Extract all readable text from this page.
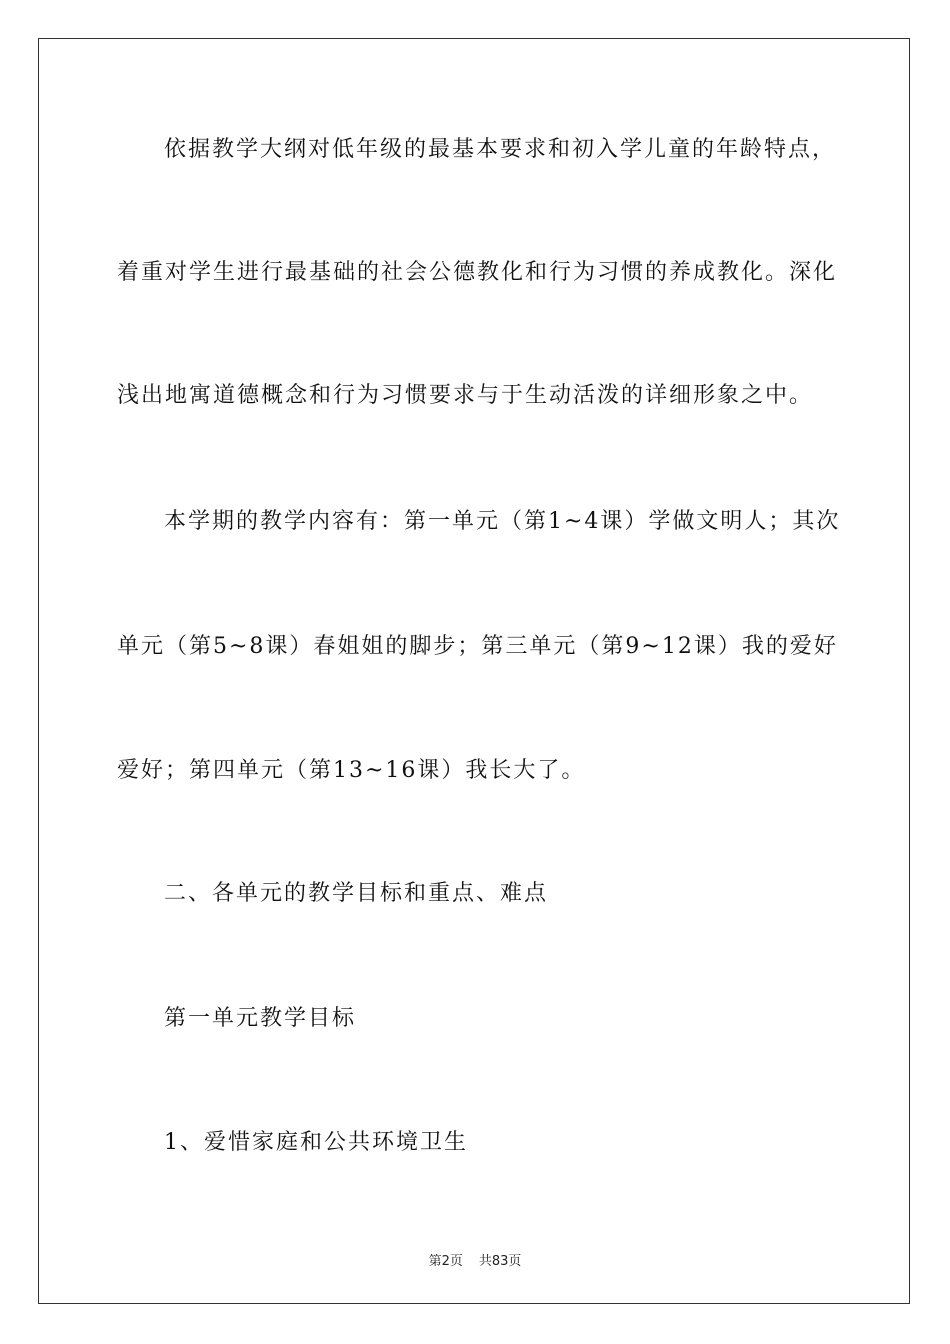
依据教学大纲对低年级的最基本要求和初入学儿童的年龄特点，
着重对学生进行最基础的社会公德教化和行为习惯的养成教化。深化
浅出地寓道德概念和行为习惯要求与于生动活泼的详细形象之中。
本学期的教学内容有：第一单元（第1~4课）学做文明人；其次
单元（第5~8课）春姐姐的脚步；第三单元（第9~12课）我的爱好
爱好；第四单元（第13~16课）我长大了。
二、各单元的教学目标和重点、难点
第一单元教学目标
1、爱惜家庭和公共环境卫生
第2页 共83页
